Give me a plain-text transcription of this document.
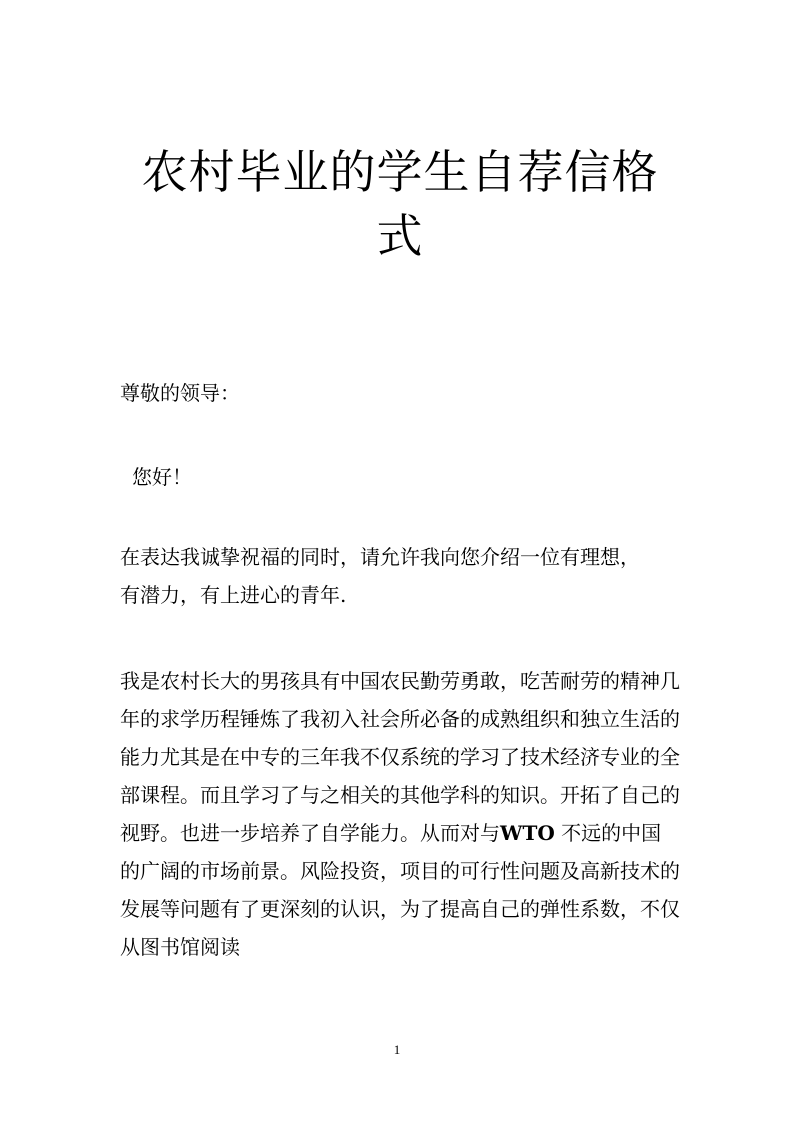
农村毕业的学生自荐信格式

尊敬的领导：

您好！

在表达我诚挚祝福的同时，请允许我向您介绍一位有理想，有潜力，有上进心的青年.

我是农村长大的男孩具有中国农民勤劳勇敢，吃苦耐劳的精神几年的求学历程锤炼了我初入社会所必备的成熟组织和独立生活的能力尤其是在中专的三年我不仅系统的学习了技术经济专业的全部课程。而且学习了与之相关的其他学科的知识。开拓了自己的视野。也进一步培养了自学能力。从而对与WTO 不远的中国的广阔的市场前景。风险投资，项目的可行性问题及高新技术的发展等问题有了更深刻的认识，为了提高自己的弹性系数，不仅从图书馆阅读

1
